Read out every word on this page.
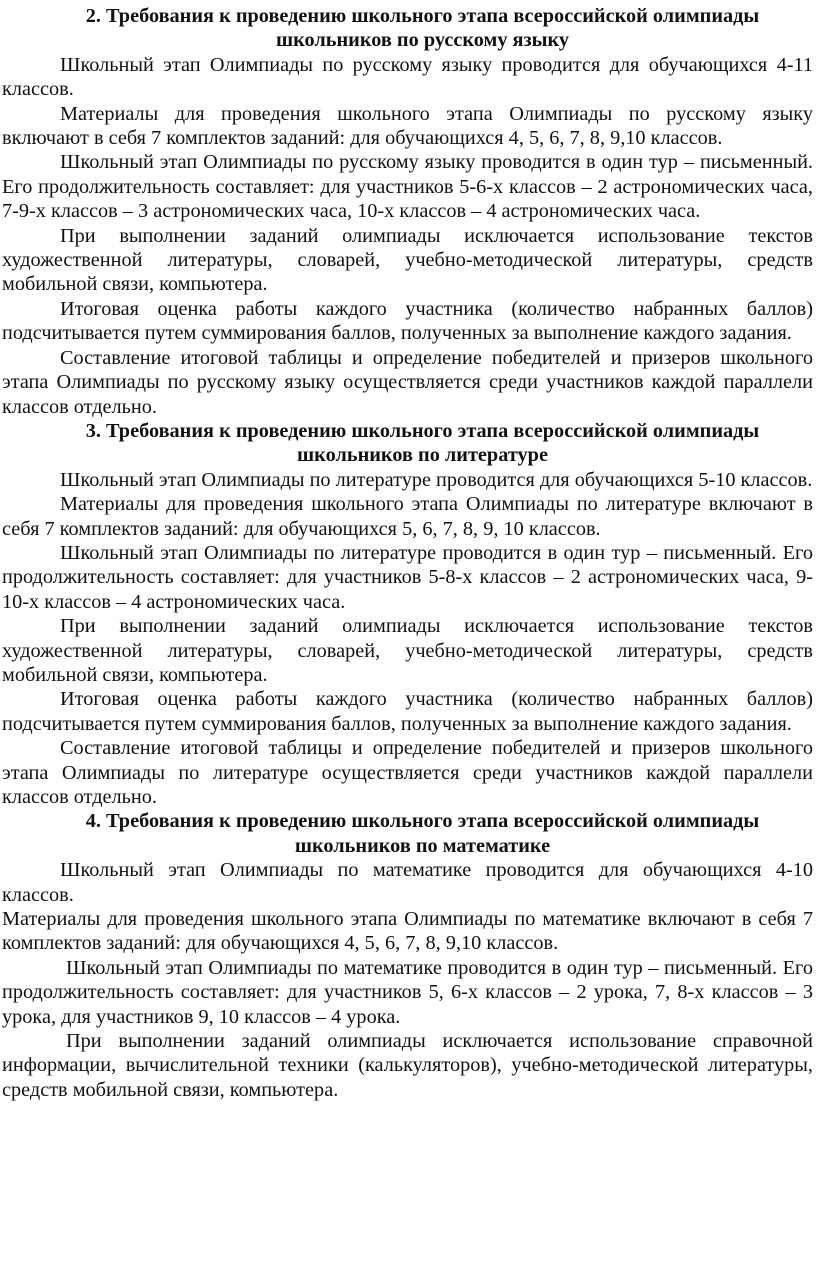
2. Требования к проведению школьного этапа всероссийской олимпиады школьников по русскому языку

Школьный этап Олимпиады по русскому языку проводится для обучающихся 4-11 классов.

Материалы для проведения школьного этапа Олимпиады по русскому языку включают в себя 7 комплектов заданий: для обучающихся 4, 5, 6, 7, 8, 9,10 классов.

Школьный этап Олимпиады по русскому языку проводится в один тур – письменный. Его продолжительность составляет: для участников 5-6-х классов – 2 астрономических часа, 7-9-х классов – 3 астрономических часа, 10-х классов – 4 астрономических часа.

При выполнении заданий олимпиады исключается использование текстов художественной литературы, словарей, учебно-методической литературы, средств мобильной связи, компьютера.

Итоговая оценка работы каждого участника (количество набранных баллов) подсчитывается путем суммирования баллов, полученных за выполнение каждого задания.

Составление итоговой таблицы и определение победителей и призеров школьного этапа Олимпиады по русскому языку осуществляется среди участников каждой параллели классов отдельно.

3. Требования к проведению школьного этапа всероссийской олимпиады школьников по литературе

Школьный этап Олимпиады по литературе проводится для обучающихся 5-10 классов.

Материалы для проведения школьного этапа Олимпиады по литературе включают в себя 7 комплектов заданий: для обучающихся 5, 6, 7, 8, 9, 10 классов.

Школьный этап Олимпиады по литературе проводится в один тур – письменный. Его продолжительность составляет: для участников 5-8-х классов – 2 астрономических часа, 9-10-х классов – 4 астрономических часа.

При выполнении заданий олимпиады исключается использование текстов художественной литературы, словарей, учебно-методической литературы, средств мобильной связи, компьютера.

Итоговая оценка работы каждого участника (количество набранных баллов) подсчитывается путем суммирования баллов, полученных за выполнение каждого задания.

Составление итоговой таблицы и определение победителей и призеров школьного этапа Олимпиады по литературе осуществляется среди участников каждой параллели классов отдельно.

4. Требования к проведению школьного этапа всероссийской олимпиады школьников по математике

Школьный этап Олимпиады по математике проводится для обучающихся 4-10 классов.

Материалы для проведения школьного этапа Олимпиады по математике включают в себя 7 комплектов заданий: для обучающихся 4, 5, 6, 7, 8, 9,10 классов.

Школьный этап Олимпиады по математике проводится в один тур – письменный. Его продолжительность составляет: для участников 5, 6-х классов – 2 урока, 7, 8-х классов – 3 урока, для участников 9, 10 классов – 4 урока.

При выполнении заданий олимпиады исключается использование справочной информации, вычислительной техники (калькуляторов), учебно-методической литературы, средств мобильной связи, компьютера.
